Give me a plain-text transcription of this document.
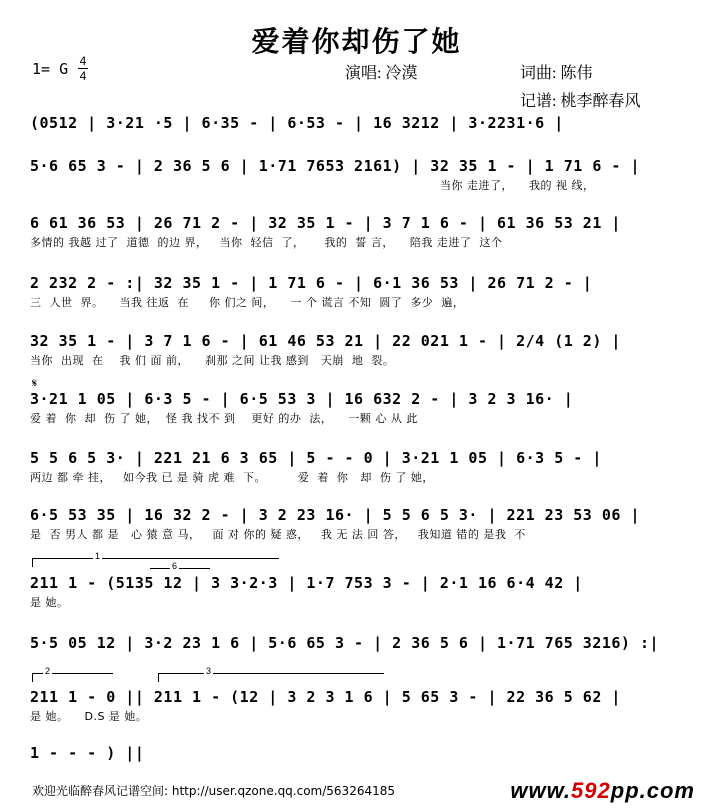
爱着你却伤了她
1= G 4
4	演唱: 冷漠	词曲: 陈伟
记谱: 桃李醉春风
(0512 | 3·21 ·5 | 6·35 - | 6·53 - | 16 3212 | 3·2231·6 |
5·6 65 3 - | 2 36 5 6 | 1·71 7653 2161) | 32 35 1 - | 1 71 6 - |
当你 走进了，    我的 视 线，
6 61 36 53 | 26 71 2 - | 32 35 1 - | 3 7 1 6 - | 61 36 53 21 |
多情的 我越 过了  道德  的边 界，   当你  轻信  了，     我的  誓 言，    陪我 走进了  这个
2 232 2 - :| 32 35 1 - | 1 71 6 - | 6·1 36 53 | 26 71 2 - |
三  人世  界。    当我 往返  在     你 们之 间，    一 个 谎言 不知  圆了  多少  遍，
32 35 1 - | 3 7 1 6 - | 61 46 53 21 | 22 021 1 - | 2/4 (1 2) |
当你  出现  在    我 们 面 前，    刹那 之间 让我 感到   天崩  地  裂。
𝄋
3·21 1 05 | 6·3 5 - | 6·5 53 3 | 16 632 2 - | 3 2 3 16· |
爱 着  你  却  伤 了 她，  怪 我 找不 到    更好 的办  法，    一颗 心 从 此
5 5 6 5 3· | 221 21 6 3 65 | 5 - - 0 | 3·21 1 05 | 6·3 5 - |
两边 都 牵 挂，   如今我 已 是 骑 虎 难  下。        爱  着  你   却  伤 了 她，
6·5 53 35 | 16 32 2 - | 3 2 23 16· | 5 5 6 5 3· | 221 23 53 06 |
是  否 男人 都 是   心 猿 意 马，   面 对 你的 疑 惑，   我 无 法 回 答，   我知道 错的 是我  不
1
6
211 1 - (5135 12 | 3 3·2·3 | 1·7 753 3 - | 2·1 16 6·4 42 |
是 她。
5·5 05 12 | 3·2 23 1 6 | 5·6 65 3 - | 2 36 5 6 | 1·71 765 3216) :|
2	3
211 1 - 0 || 211 1 - (12 | 3 2 3 1 6 | 5 65 3 - | 22 36 5 62 |
是 她。    D.S 是 她。
1 - - - ) ||
欢迎光临醉春风记谱空间: http://user.qzone.qq.com/563264185	www.592pp.com
